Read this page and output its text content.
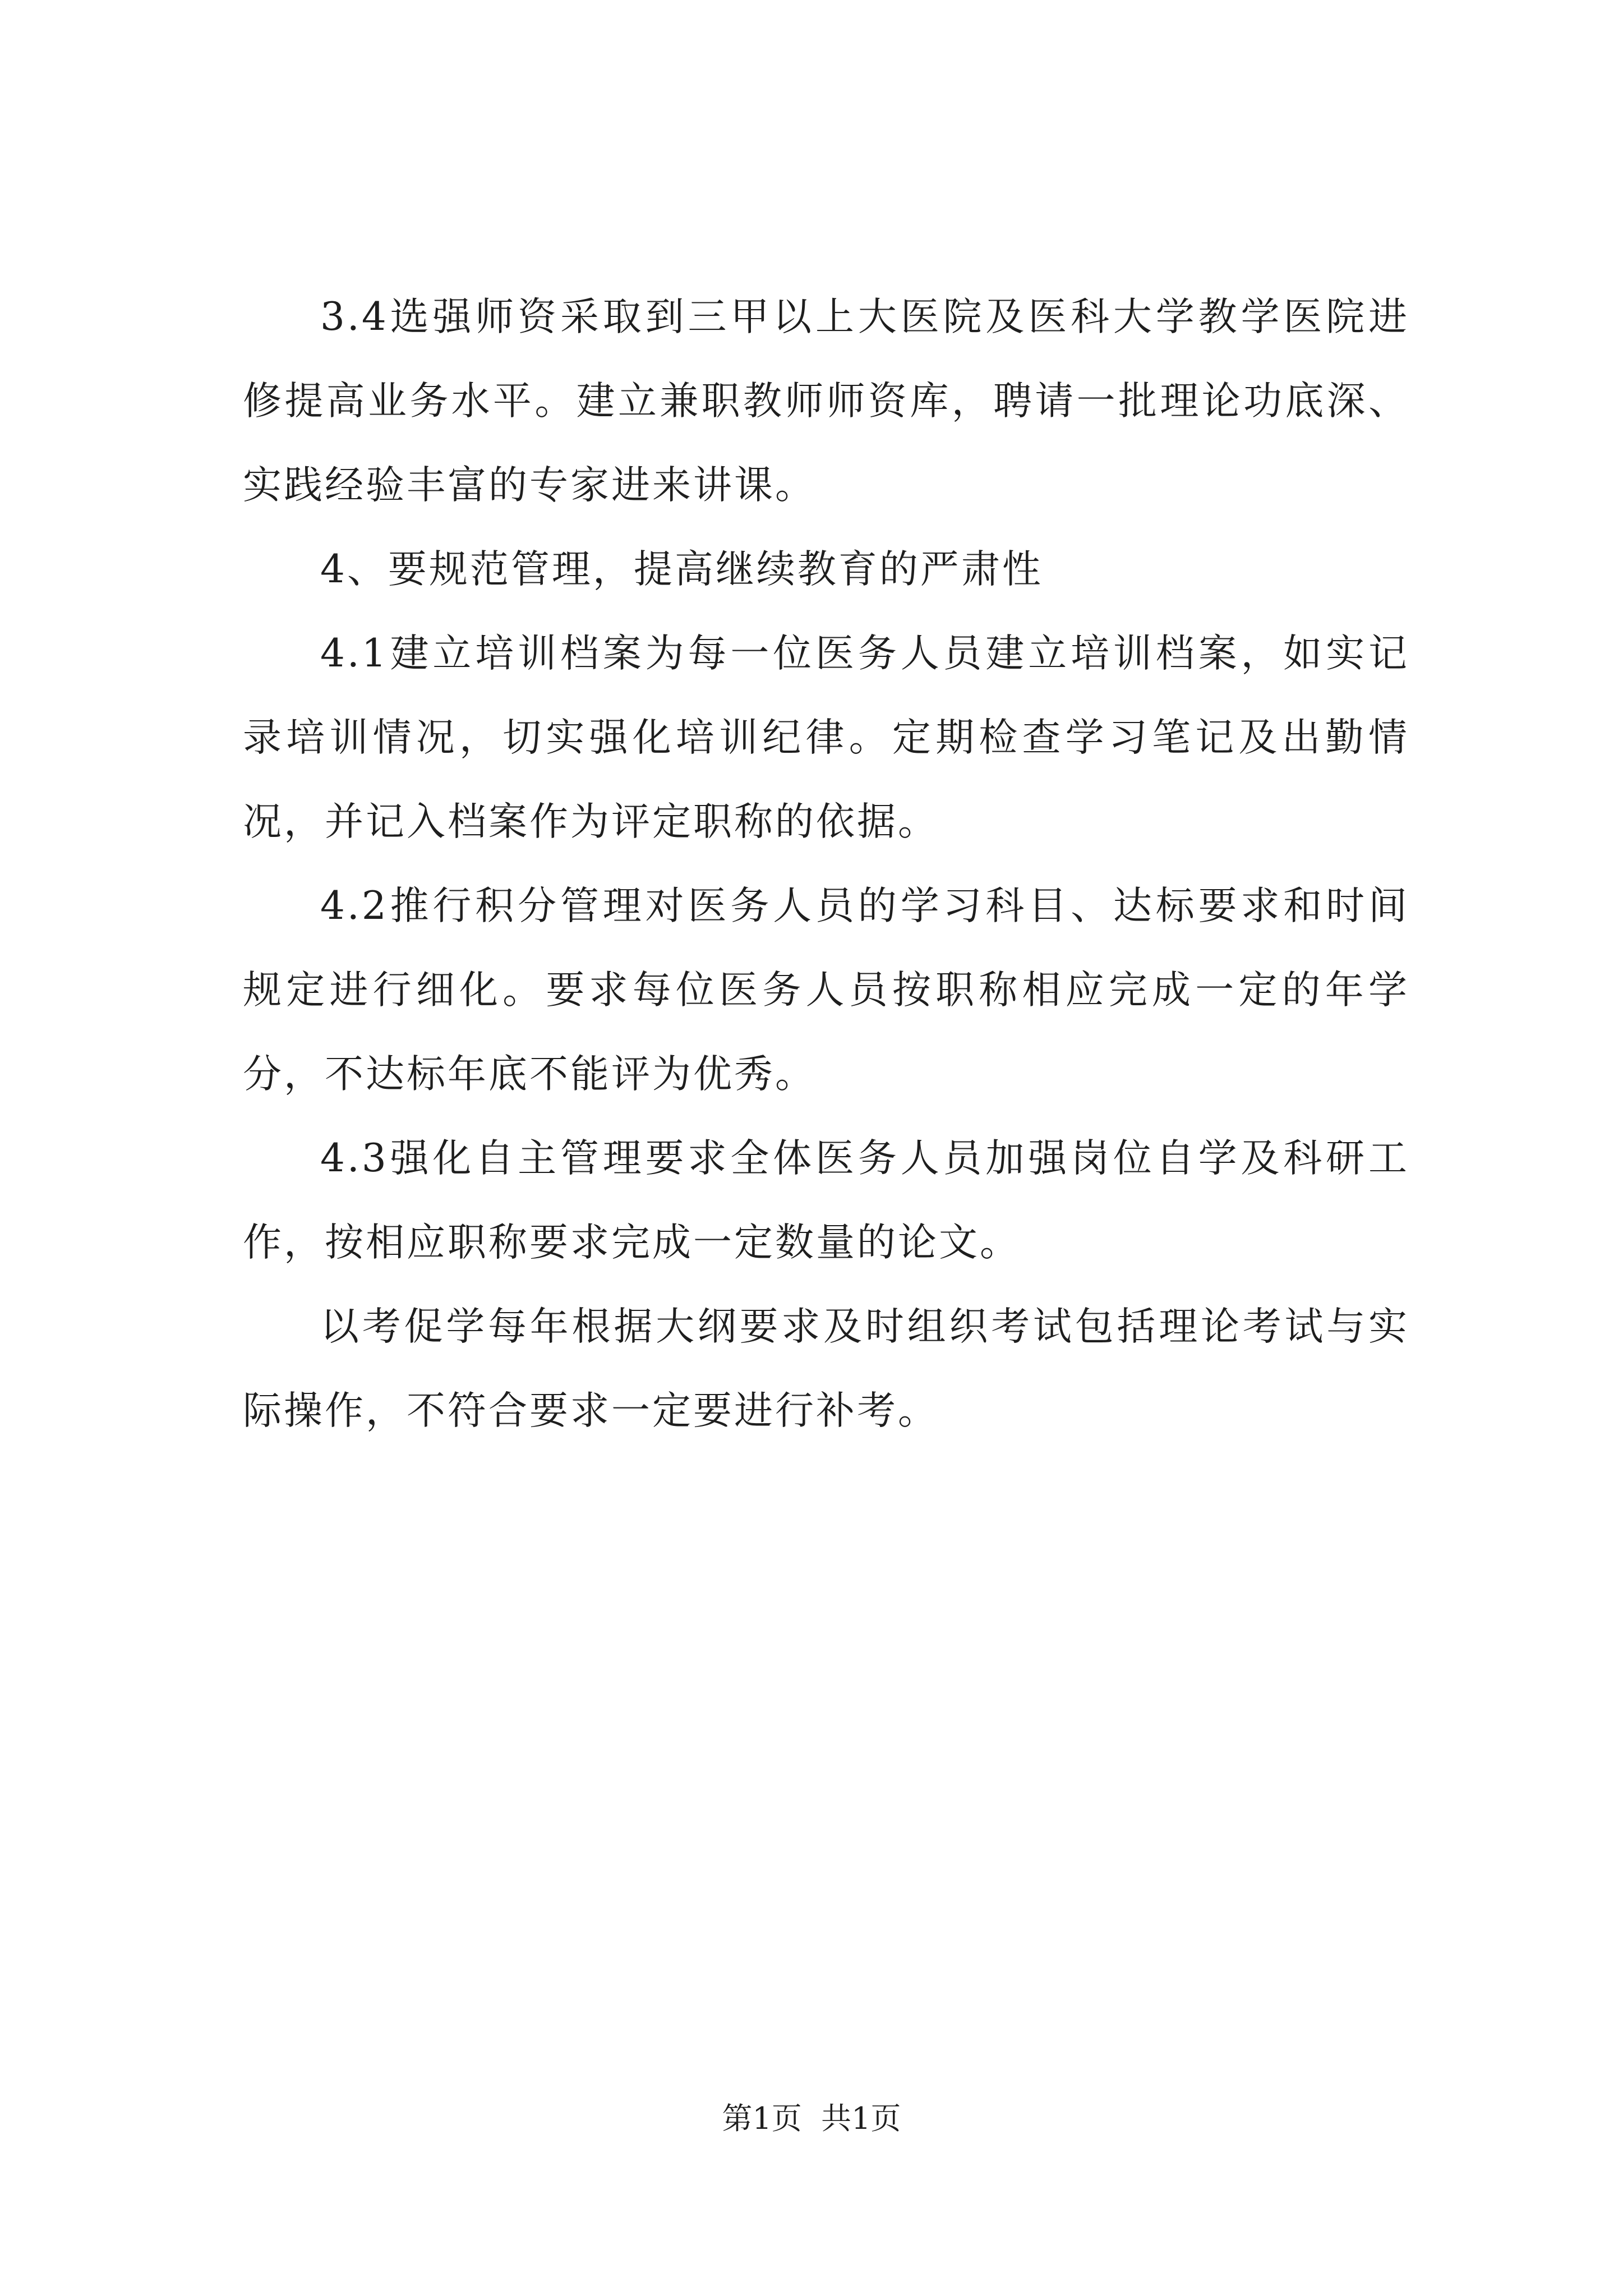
3.4选强师资采取到三甲以上大医院及医科大学教学医院进修提高业务水平。建立兼职教师师资库，聘请一批理论功底深、实践经验丰富的专家进来讲课。

4、要规范管理，提高继续教育的严肃性

4.1建立培训档案为每一位医务人员建立培训档案，如实记录培训情况，切实强化培训纪律。定期检查学习笔记及出勤情况，并记入档案作为评定职称的依据。

4.2推行积分管理对医务人员的学习科目、达标要求和时间规定进行细化。要求每位医务人员按职称相应完成一定的年学分，不达标年底不能评为优秀。

4.3强化自主管理要求全体医务人员加强岗位自学及科研工作，按相应职称要求完成一定数量的论文。

以考促学每年根据大纲要求及时组织考试包括理论考试与实际操作，不符合要求一定要进行补考。

第1页 共1页
